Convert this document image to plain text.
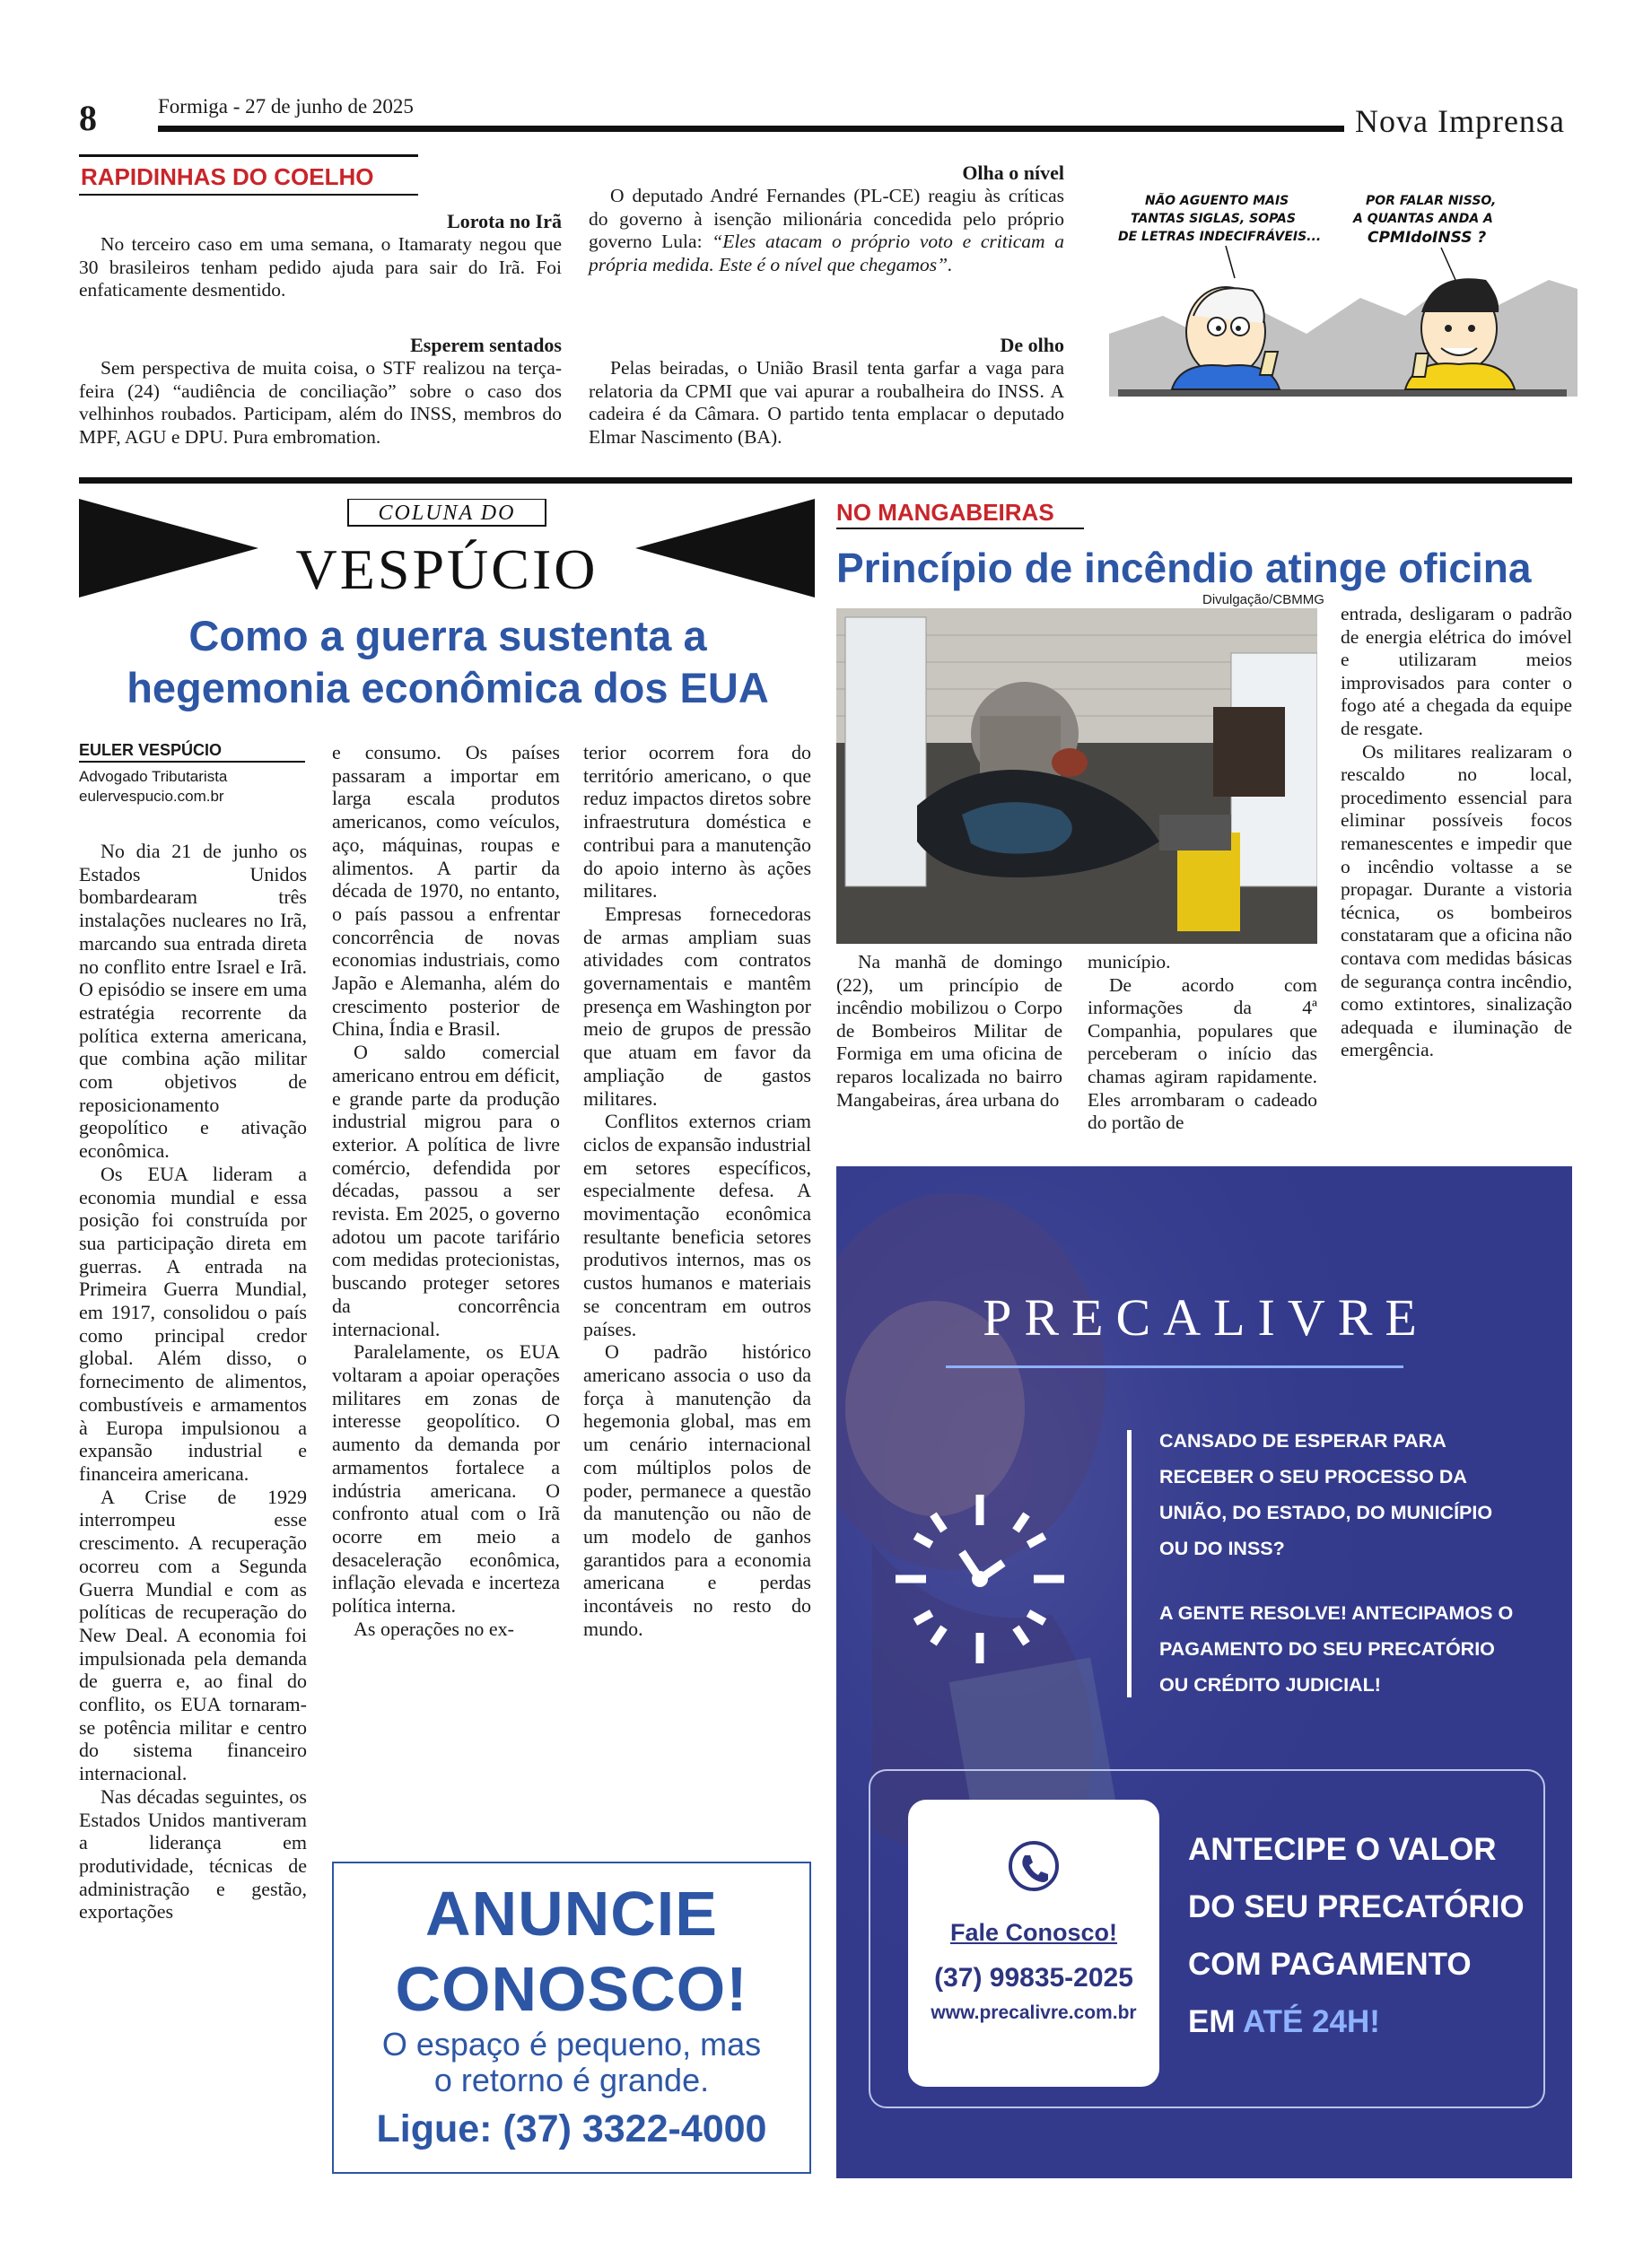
8	Formiga - 27 de junho de 2025	Nova Imprensa
RAPIDINHAS DO COELHO
Lorota no Irã

No terceiro caso em uma semana, o Itamaraty negou que 30 brasileiros tenham pedido ajuda para sair do Irã. Foi enfaticamente desmentido.

Esperem sentados

Sem perspectiva de muita coisa, o STF realizou na terça-feira (24) “audiência de conciliação” sobre o caso dos velhinhos roubados. Participam, além do INSS, membros do MPF, AGU e DPU. Pura embromation.

Olha o nível

O deputado André Fernandes (PL-CE) reagiu às críticas do governo à isenção milionária concedida pelo próprio governo Lula: “Eles atacam o próprio voto e criticam a própria medida. Este é o nível que chegamos”.

De olho

Pelas beiradas, o União Brasil tenta garfar a vaga para relatoria da CPMI que vai apurar a roubalheira do INSS. A cadeira é da Câmara. O partido tenta emplacar o deputado Elmar Nascimento (BA).

NÃO AGUENTO MAIS
TANTAS SIGLAS, SOPAS
DE LETRAS INDECIFRÁVEIS...
POR FALAR NISSO,
A QUANTAS ANDA A
CPMIdoINSS ?
COLUNA DO
VESPÚCIO
Como a guerra sustenta a
hegemonia econômica dos EUA
EULER VESPÚCIO
Advogado Tributarista
eulervespucio.com.br

No dia 21 de junho os Estados Unidos bombardearam três instalações nucleares no Irã, marcando sua entrada direta no conflito entre Israel e Irã. O episódio se insere em uma estratégia recorrente da política externa americana, que combina ação militar com objetivos de reposicionamento geopolítico e ativação econômica.

Os EUA lideram a economia mundial e essa posição foi construída por sua participação direta em guerras. A entrada na Primeira Guerra Mundial, em 1917, consolidou o país como principal credor global. Além disso, o fornecimento de alimentos, combustíveis e armamentos à Europa impulsionou a expansão industrial e financeira americana.

A Crise de 1929 interrompeu esse crescimento. A recuperação ocorreu com a Segunda Guerra Mundial e com as políticas de recuperação do New Deal. A economia foi impulsionada pela demanda de guerra e, ao final do conflito, os EUA tornaram-se potência militar e centro do sistema financeiro internacional.

Nas décadas seguintes, os Estados Unidos mantiveram a liderança em produtividade, técnicas de administração e gestão, exportações

e consumo. Os países passaram a importar em larga escala produtos americanos, como veículos, aço, máquinas, roupas e alimentos. A partir da década de 1970, no entanto, o país passou a enfrentar concorrência de novas economias industriais, como Japão e Alemanha, além do crescimento posterior de China, Índia e Brasil.

O saldo comercial americano entrou em déficit, e grande parte da produção industrial migrou para o exterior. A política de livre comércio, defendida por décadas, passou a ser revista. Em 2025, o governo adotou um pacote tarifário com medidas protecionistas, buscando proteger setores da concorrência internacional.

Paralelamente, os EUA voltaram a apoiar operações militares em zonas de interesse geopolítico. O aumento da demanda por armamentos fortalece a indústria americana. O confronto atual com o Irã ocorre em meio a desaceleração econômica, inflação elevada e incerteza política interna.

As operações no ex-

terior ocorrem fora do território americano, o que reduz impactos diretos sobre infraestrutura doméstica e contribui para a manutenção do apoio interno às ações militares.

Empresas fornecedoras de armas ampliam suas atividades com contratos governamentais e mantêm presença em Washington por meio de grupos de pressão que atuam em favor da ampliação de gastos militares.

Conflitos externos criam ciclos de expansão industrial em setores específicos, especialmente defesa. A movimentação econômica resultante beneficia setores produtivos internos, mas os custos humanos e materiais se concentram em outros países.

O padrão histórico americano associa o uso da força à manutenção da hegemonia global, mas em um cenário internacional com múltiplos polos de poder, permanece a questão da manutenção ou não de um modelo de ganhos garantidos para a economia americana e perdas incontáveis no resto do mundo.

ANUNCIE
CONOSCO!
O espaço é pequeno, mas
o retorno é grande.
Ligue: (37) 3322-4000
NO MANGABEIRAS
Princípio de incêndio atinge oficina
Divulgação/CBMMG

Na manhã de domingo (22), um princípio de incêndio mobilizou o Corpo de Bombeiros Militar de Formiga em uma oficina de reparos localizada no bairro Mangabeiras, área urbana do

município.

De acordo com informações da 4ª Companhia, populares que perceberam o início das chamas agiram rapidamente. Eles arrombaram o cadeado do portão de

entrada, desligaram o padrão de energia elétrica do imóvel e utilizaram meios improvisados para conter o fogo até a chegada da equipe de resgate.

Os militares realizaram o rescaldo no local, procedimento essencial para eliminar possíveis focos remanescentes e impedir que o incêndio voltasse a se propagar. Durante a vistoria técnica, os bombeiros constataram que a oficina não contava com medidas básicas de segurança contra incêndio, como extintores, sinalização adequada e iluminação de emergência.

PRECALIVRE
CANSADO DE ESPERAR PARA
RECEBER O SEU PROCESSO DA
UNIÃO, DO ESTADO, DO MUNICÍPIO
OU DO INSS?
A GENTE RESOLVE! ANTECIPAMOS O
PAGAMENTO DO SEU PRECATÓRIO
OU CRÉDITO JUDICIAL!
Fale Conosco!
(37) 99835-2025
www.precalivre.com.br
ANTECIPE O VALOR
DO SEU PRECATÓRIO
COM PAGAMENTO
EM ATÉ 24H!
